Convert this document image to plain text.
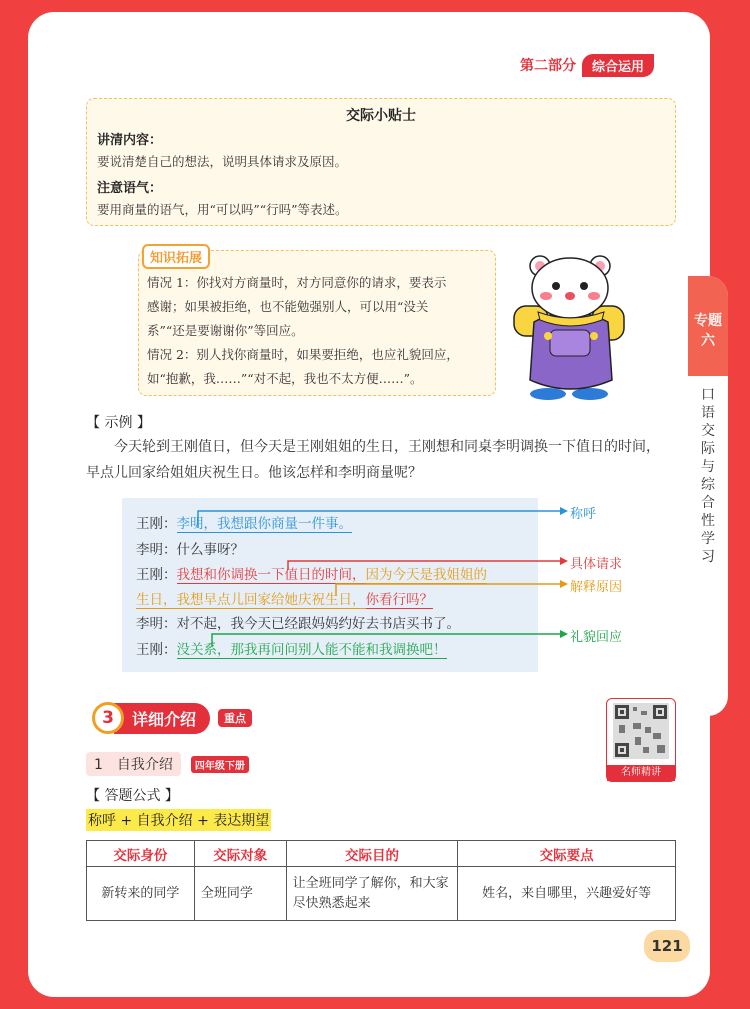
专题六
口语交际与综合性学习
第二部分	综合运用
交际小贴士
讲清内容：
要说清楚自己的想法，说明具体请求及原因。
注意语气：
要用商量的语气，用“可以吗”“行吗”等表述。
情况 1：你找对方商量时，对方同意你的请求，要表示
感谢；如果被拒绝，也不能勉强别人，可以用“没关
系”“还是要谢谢你”等回应。
情况 2：别人找你商量时，如果要拒绝，也应礼貌回应，
如“抱歉，我……”“对不起，我也不太方便……”。
知识拓展
【 示例 】
今天轮到王刚值日，但今天是王刚姐姐的生日，王刚想和同桌李明调换一下值日的时间，
早点儿回家给姐姐庆祝生日。他该怎样和李明商量呢？
王刚：李明，我想跟你商量一件事。
李明：什么事呀？
王刚：我想和你调换一下值日的时间，因为今天是我姐姐的
生日，我想早点儿回家给她庆祝生日，你看行吗？
李明：对不起，我今天已经跟妈妈约好去书店买书了。
王刚：没关系，那我再问问别人能不能和我调换吧！
称呼
具体请求
解释原因
礼貌回应
3	详细介绍	重点
名师精讲
1　自我介绍	四年级下册
【 答题公式 】
称呼 + 自我介绍 + 表达期望
交际身份	交际对象	交际目的	交际要点
新转来的同学	全班同学	让全班同学了解你，和大家尽快熟悉起来	姓名，来自哪里，兴趣爱好等
121
